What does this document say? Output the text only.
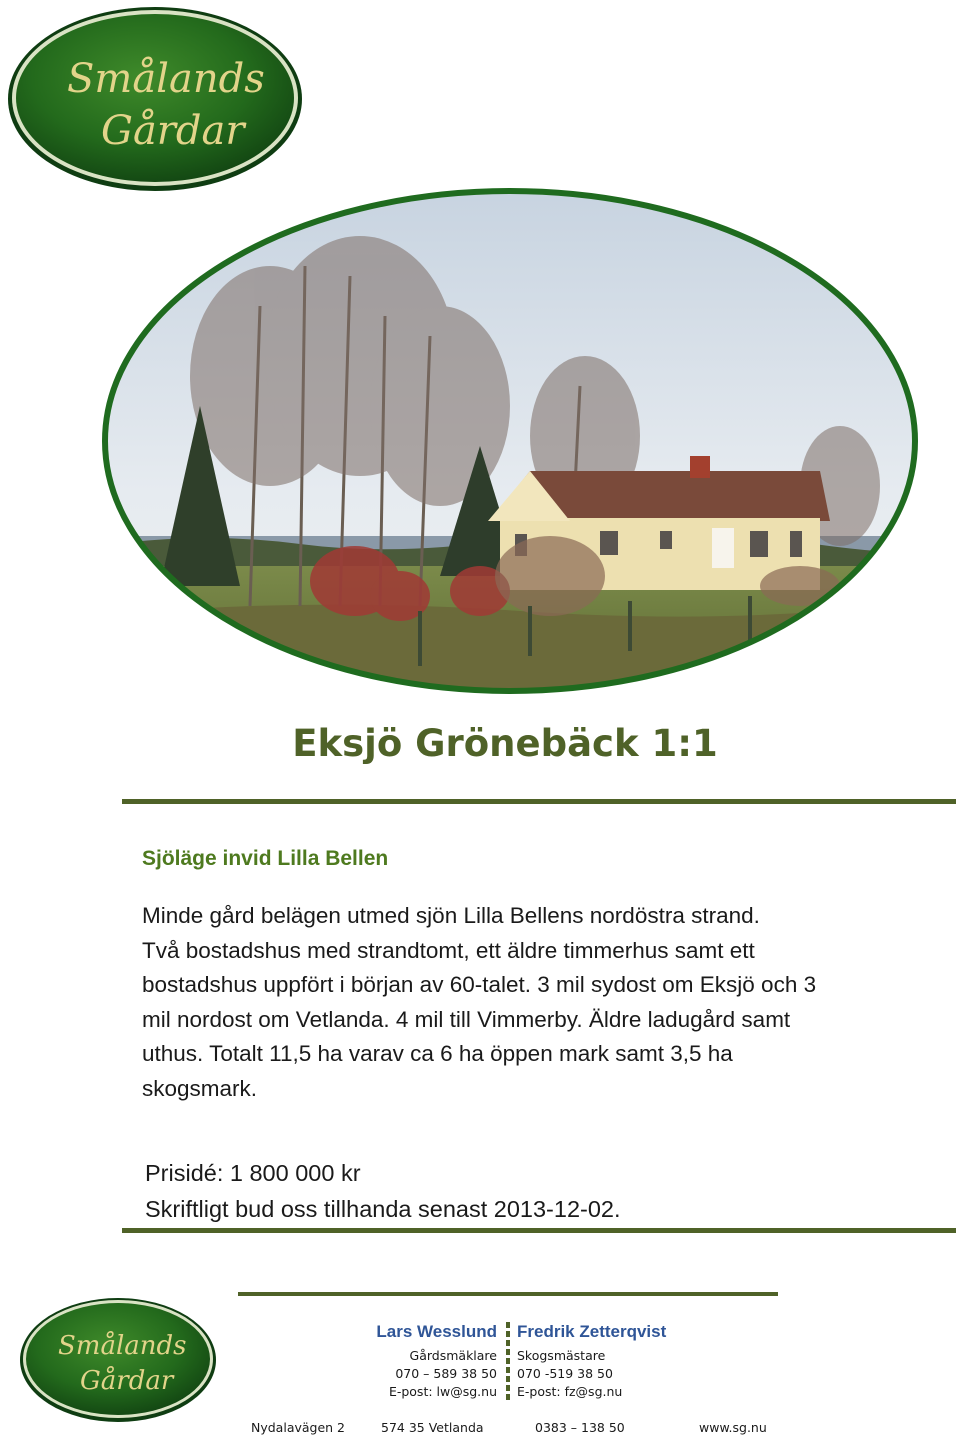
Smålands
Gårdar
Eksjö Grönebäck 1:1
Sjöläge invid Lilla Bellen
Minde gård belägen utmed sjön Lilla Bellens nordöstra strand.
Två bostadshus med strandtomt, ett äldre timmerhus samt ett
bostadshus uppfört i början av 60-talet. 3 mil sydost om Eksjö och 3
mil nordost om Vetlanda. 4 mil till Vimmerby. Äldre ladugård samt
uthus. Totalt 11,5 ha varav ca 6 ha öppen mark samt 3,5 ha
skogsmark.
Prisidé: 1 800 000 kr
Skriftligt bud oss tillhanda senast 2013-12-02.
Smålands
Gårdar
Lars Wesslund
Gårdsmäklare
070 – 589 38 50
E-post: lw@sg.nu
Fredrik Zetterqvist
Skogsmästare
070 -519 38 50
E-post: fz@sg.nu
Nydalavägen 2	574 35 Vetlanda	0383 – 138 50	www.sg.nu
